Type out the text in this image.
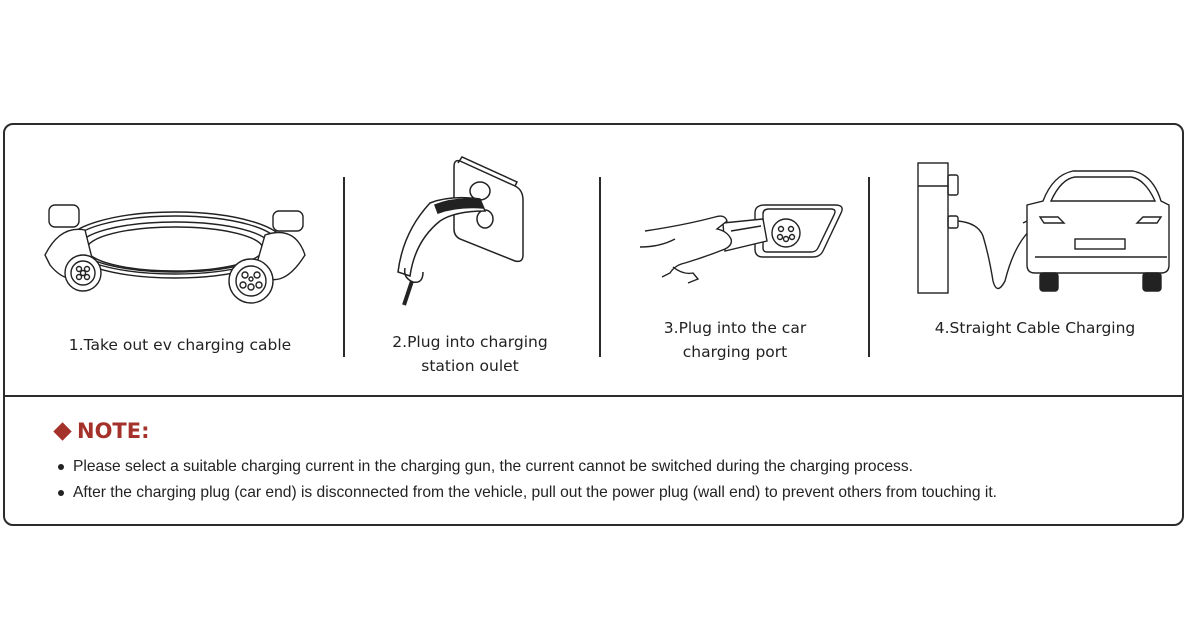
1.Take out ev charging cable	2.Plug into charging
station oulet
3.Plug into the car
charging port
4.Straight Cable Charging
NOTE:
Please select a suitable charging current in the charging gun, the current cannot be switched during the charging process.
After the charging plug (car end) is disconnected from the vehicle, pull out the power plug (wall end) to prevent others from touching it.
